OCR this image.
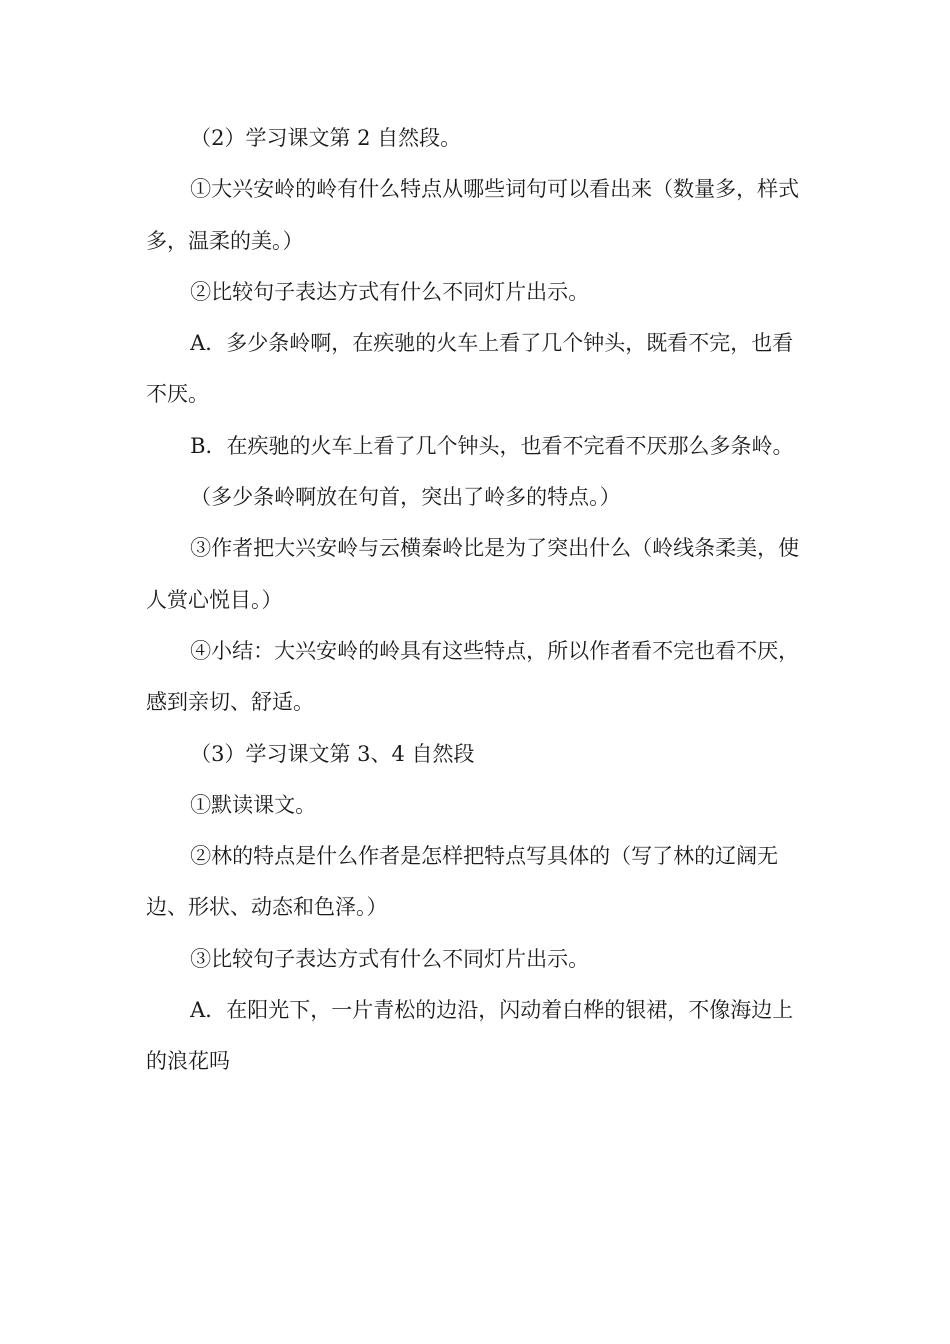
（2）学习课文第 2 自然段。

①大兴安岭的岭有什么特点从哪些词句可以看出来（数量多，样式多，温柔的美。）

②比较句子表达方式有什么不同灯片出示。

A．多少条岭啊，在疾驰的火车上看了几个钟头，既看不完，也看不厌。

B．在疾驰的火车上看了几个钟头，也看不完看不厌那么多条岭。

（多少条岭啊放在句首，突出了岭多的特点。）

③作者把大兴安岭与云横秦岭比是为了突出什么（岭线条柔美，使人赏心悦目。）

④小结：大兴安岭的岭具有这些特点，所以作者看不完也看不厌，感到亲切、舒适。

（3）学习课文第 3、4 自然段

①默读课文。

②林的特点是什么作者是怎样把特点写具体的（写了林的辽阔无边、形状、动态和色泽。）

③比较句子表达方式有什么不同灯片出示。

A．在阳光下，一片青松的边沿，闪动着白桦的银裙，不像海边上的浪花吗
